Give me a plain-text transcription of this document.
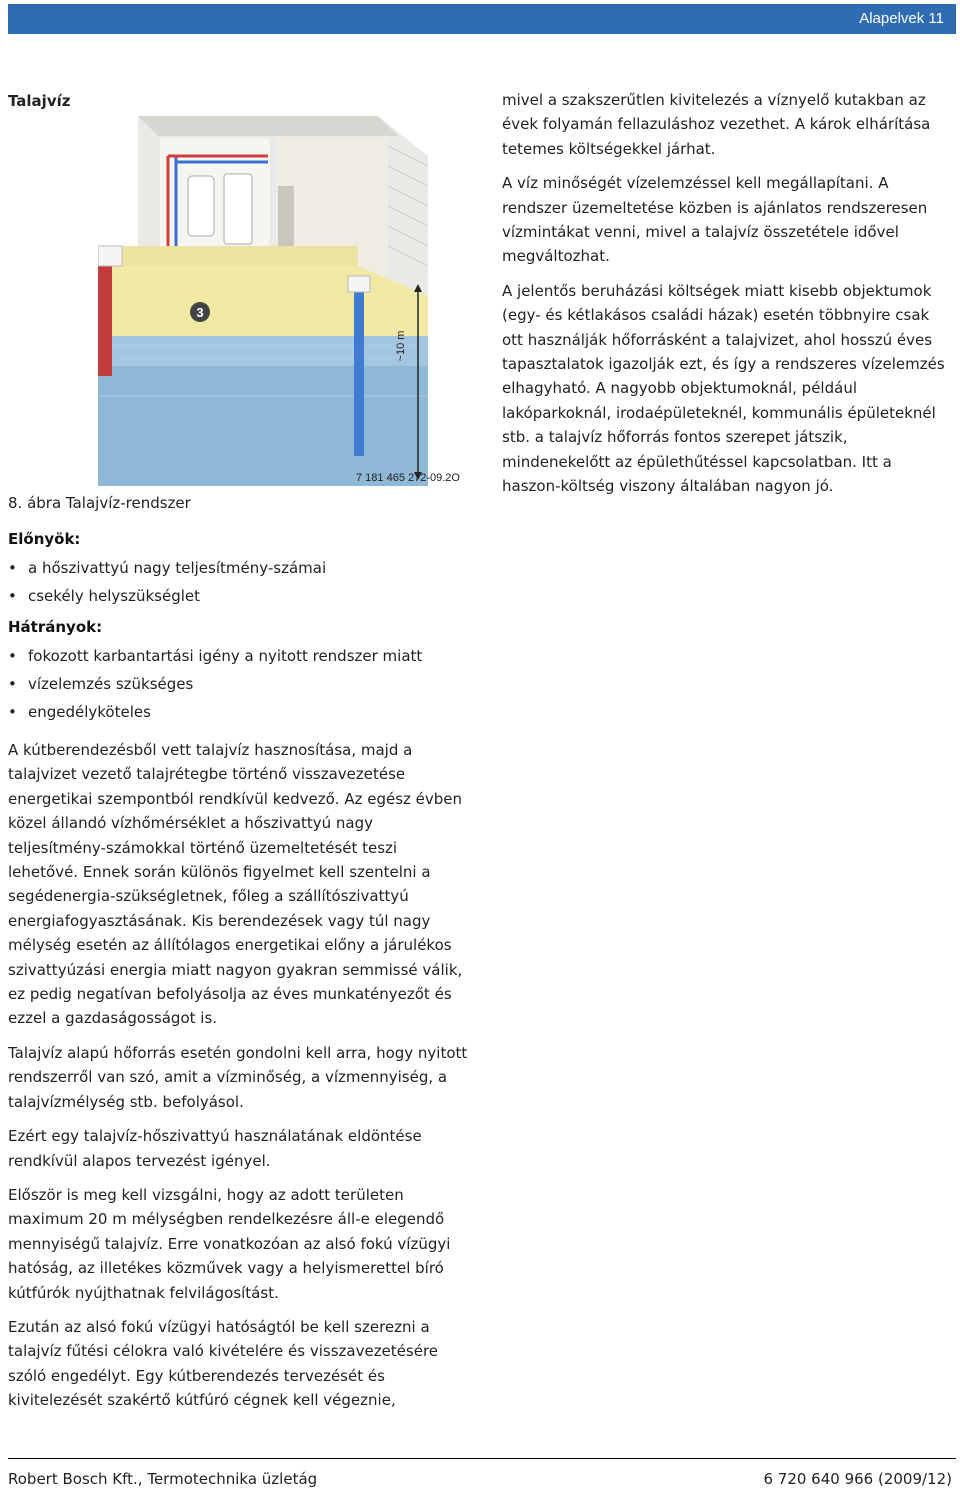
Alapelvek 11
Talajvíz
3
~10 m
7 181 465 272-09.2O
8. ábra Talajvíz-rendszer
Előnyök:
• a hőszivattyú nagy teljesítmény-számai
• csekély helyszükséglet
Hátrányok:
• fokozott karbantartási igény a nyitott rendszer miatt
• vízelemzés szükséges
• engedélyköteles

A kútberendezésből vett talajvíz hasznosítása, majd a talajvizet vezető talajrétegbe történő visszavezetése energetikai szempontból rendkívül kedvező. Az egész évben közel állandó vízhőmérséklet a hőszivattyú nagy teljesítmény-számokkal történő üzemeltetését teszi lehetővé. Ennek során különös figyelmet kell szentelni a segédenergia-szükségletnek, főleg a szállítószivattyú energiafogyasztásának. Kis berendezések vagy túl nagy mélység esetén az állítólagos energetikai előny a járulékos szivattyúzási energia miatt nagyon gyakran semmissé válik, ez pedig negatívan befolyásolja az éves munkatényezőt és ezzel a gazdaságosságot is.

Talajvíz alapú hőforrás esetén gondolni kell arra, hogy nyitott rendszerről van szó, amit a vízminőség, a vízmennyiség, a talajvízmélység stb. befolyásol.

Ezért egy talajvíz-hőszivattyú használatának eldöntése rendkívül alapos tervezést igényel.

Először is meg kell vizsgálni, hogy az adott területen maximum 20 m mélységben rendelkezésre áll-e elegendő mennyiségű talajvíz. Erre vonatkozóan az alsó fokú vízügyi hatóság, az illetékes közművek vagy a helyismerettel bíró kútfúrók nyújthatnak felvilágosítást.

Ezután az alsó fokú vízügyi hatóságtól be kell szerezni a talajvíz fűtési célokra való kivételére és visszavezetésére szóló engedélyt. Egy kútberendezés tervezését és kivitelezését szakértő kútfúró cégnek kell végeznie,

mivel a szakszerűtlen kivitelezés a víznyelő kutakban az évek folyamán fellazuláshoz vezethet. A károk elhárítása tetemes költségekkel járhat.

A víz minőségét vízelemzéssel kell megállapítani. A rendszer üzemeltetése közben is ajánlatos rendszeresen vízmintákat venni, mivel a talajvíz összetétele idővel megváltozhat.

A jelentős beruházási költségek miatt kisebb objektumok (egy- és kétlakásos családi házak) esetén többnyire csak ott használják hőforrásként a talajvizet, ahol hosszú éves tapasztalatok igazolják ezt, és így a rendszeres vízelemzés elhagyható. A nagyobb objektumoknál, például lakóparkoknál, irodaépületeknél, kommunális épületeknél stb. a talajvíz hőforrás fontos szerepet játszik, mindenekelőtt az épülethűtéssel kapcsolatban. Itt a haszon-költség viszony általában nagyon jó.

Robert Bosch Kft., Termotechnika üzletág	6 720 640 966 (2009/12)
